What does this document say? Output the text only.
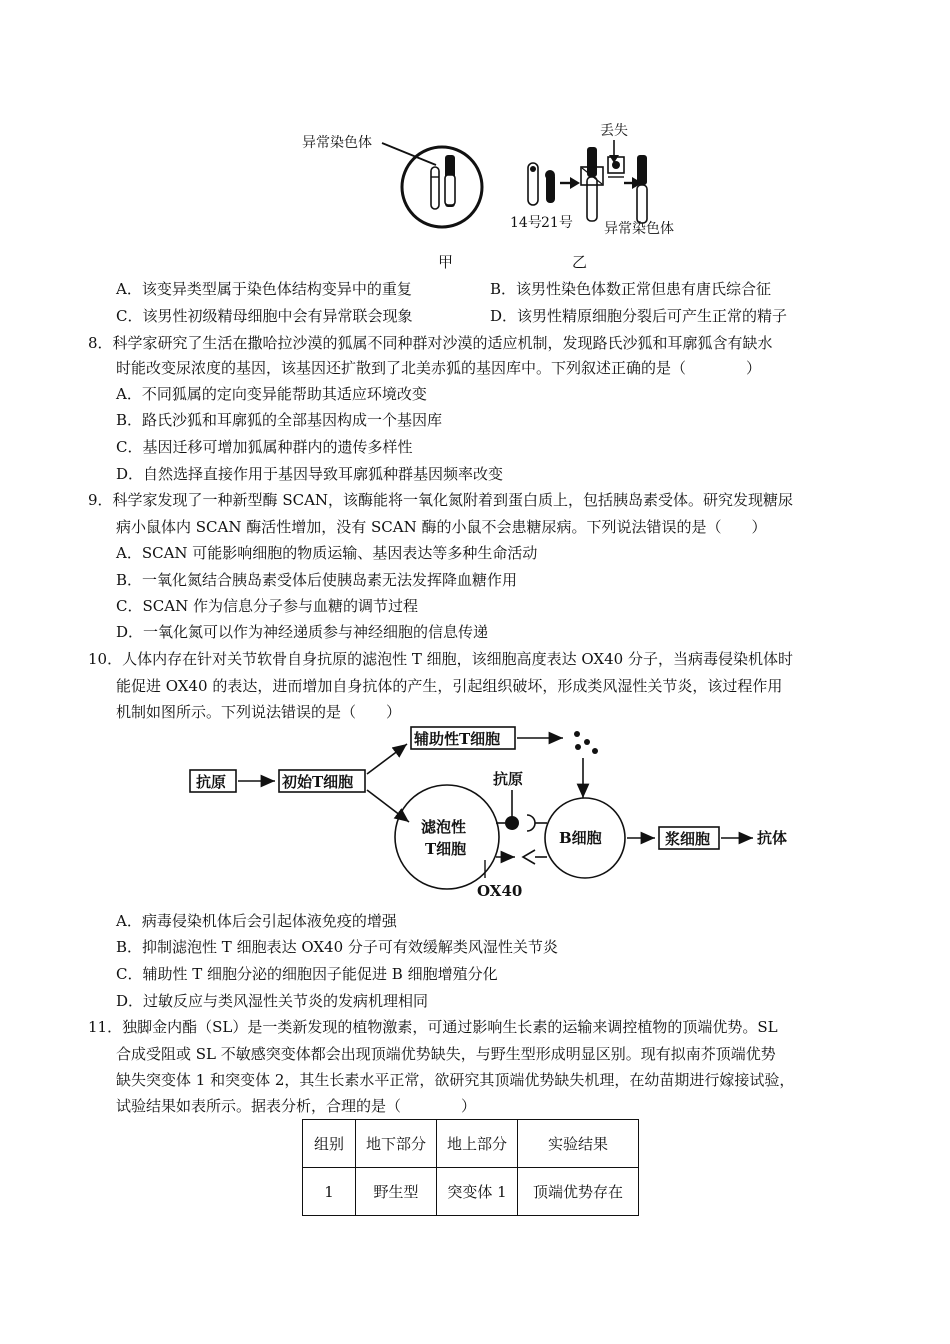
异常染色体
丢失
14号 21号 异常染色体
甲	乙
A．该变异类型属于染色体结构变异中的重复	B．该男性染色体数正常但患有唐氏综合征
C．该男性初级精母细胞中会有异常联会现象	D．该男性精原细胞分裂后可产生正常的精子
8．科学家研究了生活在撒哈拉沙漠的狐属不同种群对沙漠的适应机制，发现路氏沙狐和耳廓狐含有缺水
时能改变尿浓度的基因，该基因还扩散到了北美赤狐的基因库中。下列叙述正确的是（　　　　）
A．不同狐属的定向变异能帮助其适应环境改变
B．路氏沙狐和耳廓狐的全部基因构成一个基因库
C．基因迁移可增加狐属种群内的遗传多样性
D．自然选择直接作用于基因导致耳廓狐种群基因频率改变
9．科学家发现了一种新型酶 SCAN，该酶能将一氧化氮附着到蛋白质上，包括胰岛素受体。研究发现糖尿
病小鼠体内 SCAN 酶活性增加，没有 SCAN 酶的小鼠不会患糖尿病。下列说法错误的是（　　）
A．SCAN 可能影响细胞的物质运输、基因表达等多种生命活动
B．一氧化氮结合胰岛素受体后使胰岛素无法发挥降血糖作用
C．SCAN 作为信息分子参与血糖的调节过程
D．一氧化氮可以作为神经递质参与神经细胞的信息传递
10．人体内存在针对关节软骨自身抗原的滤泡性 T 细胞，该细胞高度表达 OX40 分子，当病毒侵染机体时
能促进 OX40 的表达，进而增加自身抗体的产生，引起组织破坏，形成类风湿性关节炎，该过程作用
机制如图所示。下列说法错误的是（　　）
抗原	初始T细胞
辅助性T细胞
滤泡性
T细胞
抗原
OX40
B细胞	浆细胞	抗体
A．病毒侵染机体后会引起体液免疫的增强
B．抑制滤泡性 T 细胞表达 OX40 分子可有效缓解类风湿性关节炎
C．辅助性 T 细胞分泌的细胞因子能促进 B 细胞增殖分化
D．过敏反应与类风湿性关节炎的发病机理相同
11．独脚金内酯（SL）是一类新发现的植物激素，可通过影响生长素的运输来调控植物的顶端优势。SL
合成受阻或 SL 不敏感突变体都会出现顶端优势缺失，与野生型形成明显区别。现有拟南芥顶端优势
缺失突变体 1 和突变体 2，其生长素水平正常，欲研究其顶端优势缺失机理，在幼苗期进行嫁接试验，
试验结果如表所示。据表分析，合理的是（　　　　）
组别	地下部分	地上部分	实验结果
1	野生型	突变体 1	顶端优势存在
